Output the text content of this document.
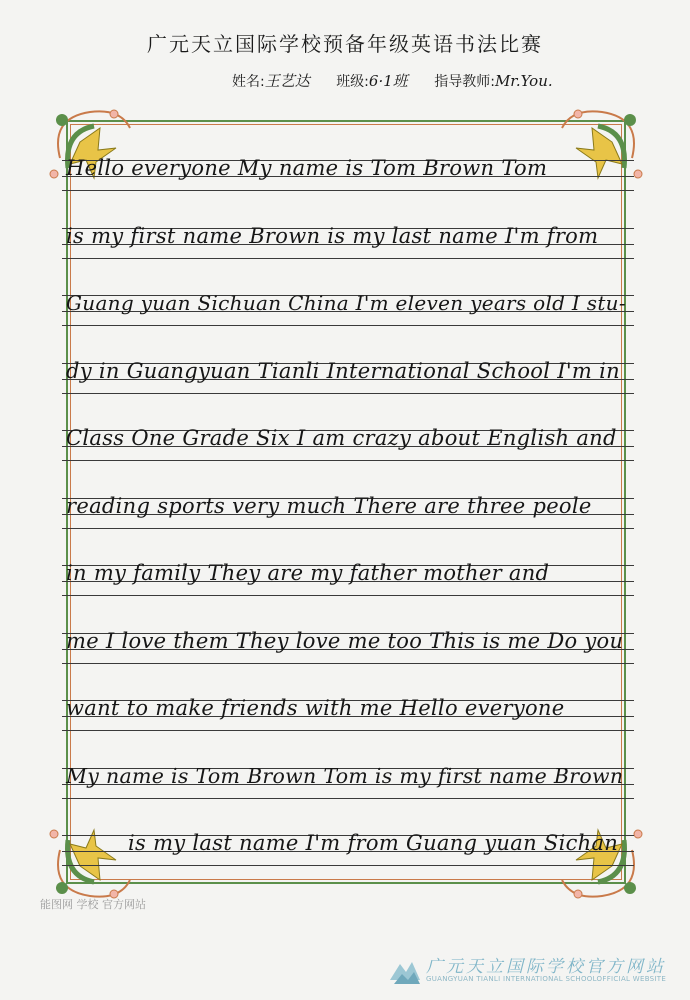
广元天立国际学校预备年级英语书法比赛
姓名:王艺达 班级:6·1班 指导教师:Mr.You.
Hello everyone My name is Tom Brown Tom
is my first name Brown is my last name I'm from
Guang yuan Sichuan China I'm eleven years old I stu-
dy in Guangyuan Tianli International School I'm in
Class One Grade Six I am crazy about English and
reading sports very much There are three peole
in my family They are my father mother and
me I love them They love me too This is me Do you
want to make friends with me Hello everyone
My name is Tom Brown Tom is my first name Brown
is my last name I'm from Guang yuan Sichan
能图网 学校 官方网站
广元天立国际学校官方网站
GUANGYUAN TIANLI INTERNATIONAL SCHOOLOFFICIAL WEBSITE
